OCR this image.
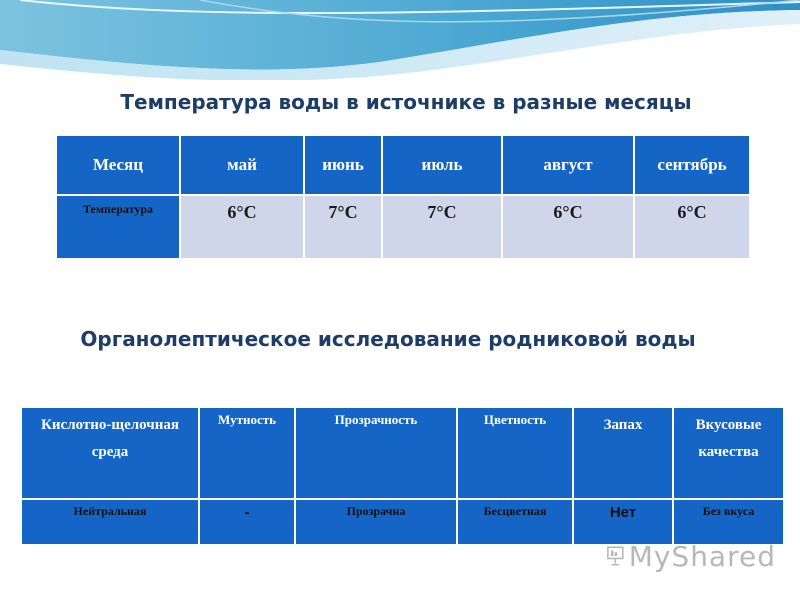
Температура воды в источнике в разные месяцы
Месяц	май	июнь	июль	август	сентябрь
Температура	6°С	7°С	7°С	6°С	6°С
Органолептическое исследование родниковой воды
Кислотно-щелочная среда	Мутность	Прозрачность	Цветность	Запах	Вкусовые качества
Нейтральная	-	Прозрачна	Бесцветная	Нет	Без вкуса
MyShared
